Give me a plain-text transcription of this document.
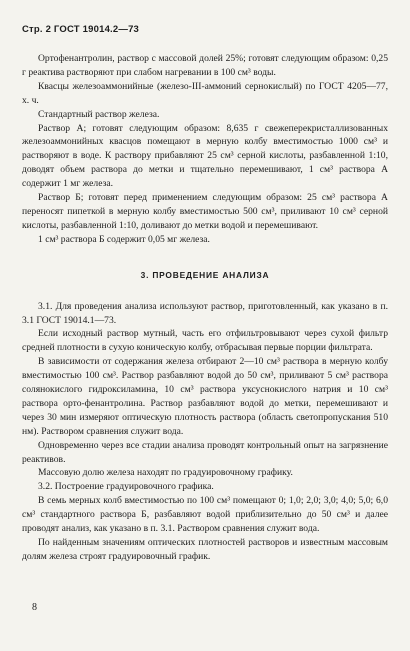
Стр. 2 ГОСТ 19014.2—73

Ортофенантролин, раствор с массовой долей 25%; готовят следующим образом: 0,25 г реактива растворяют при слабом нагревании в 100 см³ воды.

Квасцы железоаммонийные (железо-III-аммоний сернокислый) по ГОСТ 4205—77, х. ч.

Стандартный раствор железа.

Раствор А; готовят следующим образом: 8,635 г свежеперекристаллизованных железоаммонийных квасцов помещают в мерную колбу вместимостью 1000 см³ и растворяют в воде. К раствору прибавляют 25 см³ серной кислоты, разбавленной 1:10, доводят объем раствора до метки и тщательно перемешивают, 1 см³ раствора А содержит 1 мг железа.

Раствор Б; готовят перед применением следующим образом: 25 см³ раствора А переносят пипеткой в мерную колбу вместимостью 500 см³, приливают 10 см³ серной кислоты, разбавленной 1:10, доливают до метки водой и перемешивают.

1 см³ раствора Б содержит 0,05 мг железа.

3. ПРОВЕДЕНИЕ АНАЛИЗА

3.1. Для проведения анализа используют раствор, приготовленный, как указано в п. 3.1 ГОСТ 19014.1—73.

Если исходный раствор мутный, часть его отфильтровывают через сухой фильтр средней плотности в сухую коническую колбу, отбрасывая первые порции фильтрата.

В зависимости от содержания железа отбирают 2—10 см³ раствора в мерную колбу вместимостью 100 см³. Раствор разбавляют водой до 50 см³, приливают 5 см³ раствора солянокислого гидроксиламина, 10 см³ раствора уксуснокислого натрия и 10 см³ раствора орто-фенантролина. Раствор разбавляют водой до метки, перемешивают и через 30 мин измеряют оптическую плотность раствора (область светопропускания 510 нм). Раствором сравнения служит вода.

Одновременно через все стадии анализа проводят контрольный опыт на загрязнение реактивов.

Массовую долю железа находят по градуировочному графику.

3.2. Построение градуировочного графика.

В семь мерных колб вместимостью по 100 см³ помещают 0; 1,0; 2,0; 3,0; 4,0; 5,0; 6,0 см³ стандартного раствора Б, разбавляют водой приблизительно до 50 см³ и далее проводят анализ, как указано в п. 3.1. Раствором сравнения служит вода.

По найденным значениям оптических плотностей растворов и известным массовым долям железа строят градуировочный график.

8
